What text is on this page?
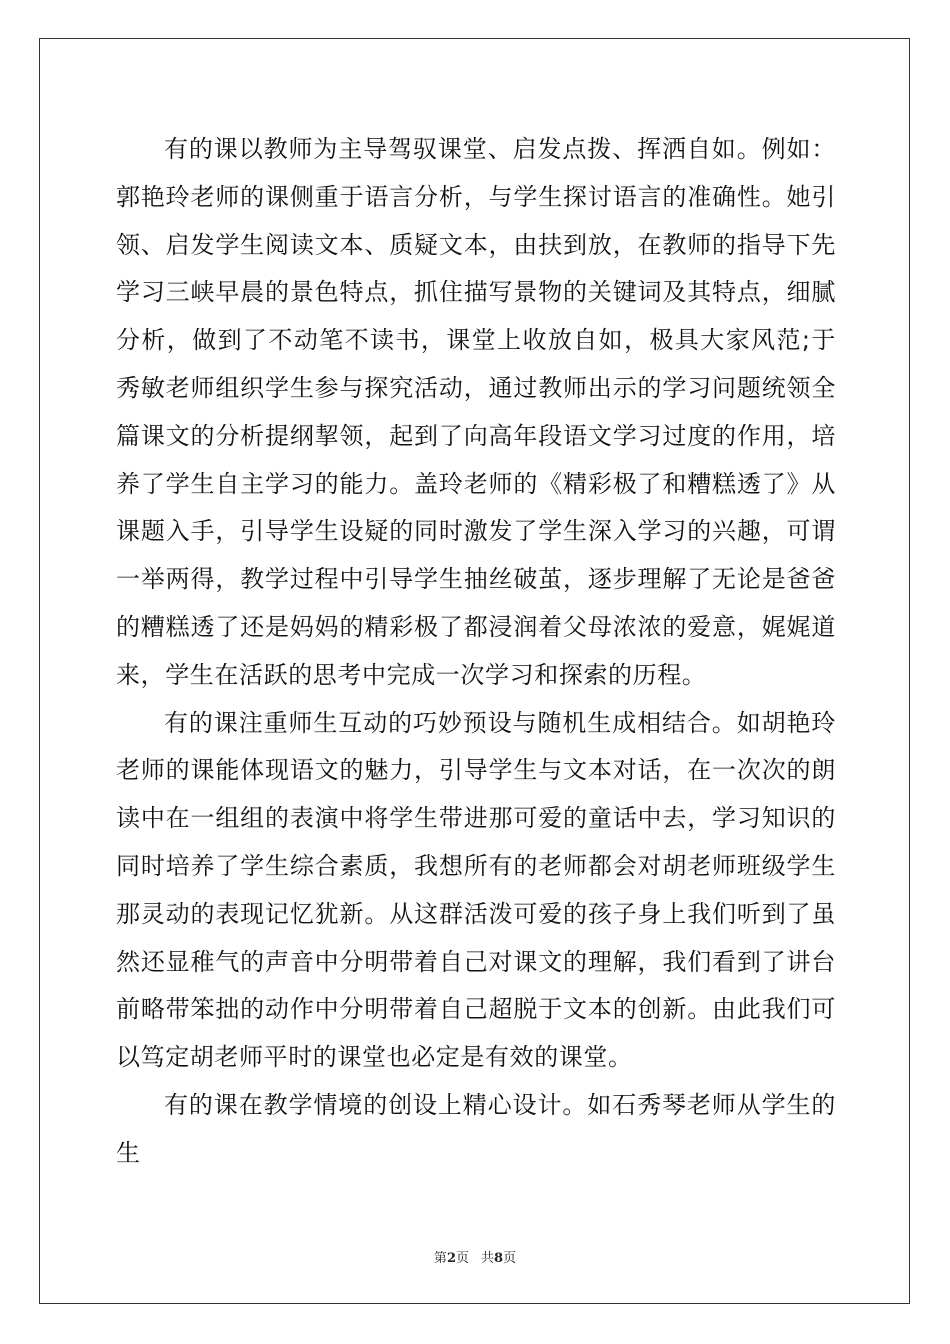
有的课以教师为主导驾驭课堂、启发点拨、挥洒自如。例如：郭艳玲老师的课侧重于语言分析，与学生探讨语言的准确性。她引领、启发学生阅读文本、质疑文本，由扶到放，在教师的指导下先学习三峡早晨的景色特点，抓住描写景物的关键词及其特点，细腻分析，做到了不动笔不读书，课堂上收放自如，极具大家风范;于秀敏老师组织学生参与探究活动，通过教师出示的学习问题统领全篇课文的分析提纲挈领，起到了向高年段语文学习过度的作用，培养了学生自主学习的能力。盖玲老师的《精彩极了和糟糕透了》从课题入手，引导学生设疑的同时激发了学生深入学习的兴趣，可谓一举两得，教学过程中引导学生抽丝破茧，逐步理解了无论是爸爸的糟糕透了还是妈妈的精彩极了都浸润着父母浓浓的爱意，娓娓道来，学生在活跃的思考中完成一次学习和探索的历程。

有的课注重师生互动的巧妙预设与随机生成相结合。如胡艳玲老师的课能体现语文的魅力，引导学生与文本对话，在一次次的朗读中在一组组的表演中将学生带进那可爱的童话中去，学习知识的同时培养了学生综合素质，我想所有的老师都会对胡老师班级学生那灵动的表现记忆犹新。从这群活泼可爱的孩子身上我们听到了虽然还显稚气的声音中分明带着自己对课文的理解，我们看到了讲台前略带笨拙的动作中分明带着自己超脱于文本的创新。由此我们可以笃定胡老师平时的课堂也必定是有效的课堂。

有的课在教学情境的创设上精心设计。如石秀琴老师从学生的生

第2页 共8页
